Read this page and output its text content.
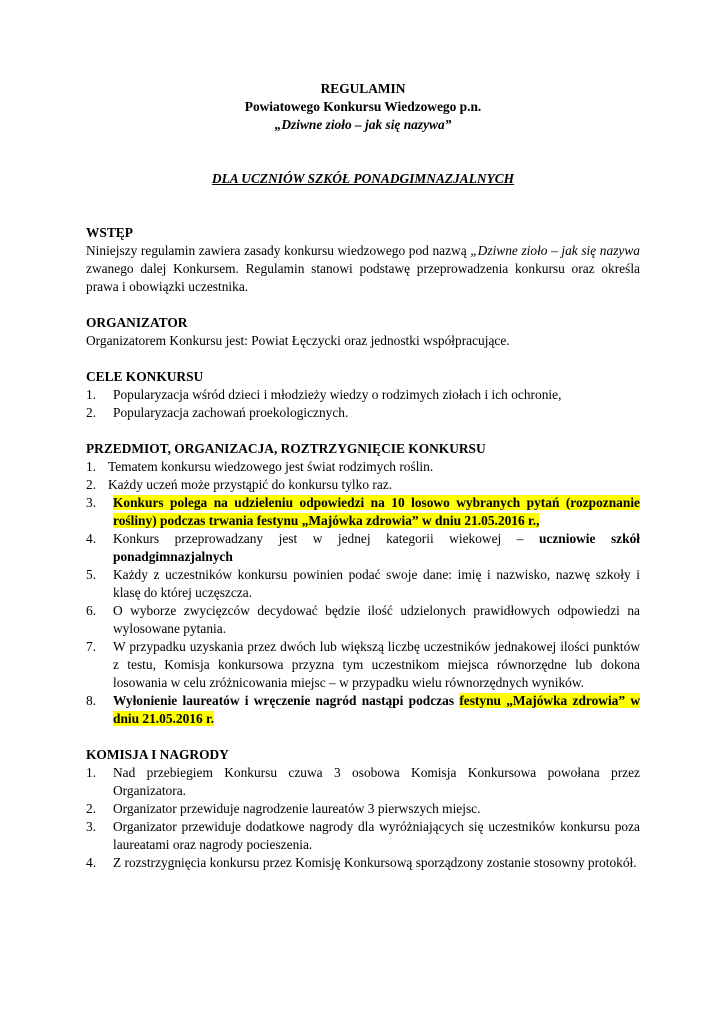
REGULAMIN

Powiatowego Konkursu Wiedzowego p.n.

„Dziwne zioło – jak się nazywa”

DLA UCZNIÓW SZKÓŁ PONADGIMNAZJALNYCH

WSTĘP

Niniejszy regulamin zawiera zasady konkursu wiedzowego pod nazwą „Dziwne zioło – jak się nazywa zwanego dalej Konkursem. Regulamin stanowi podstawę przeprowadzenia konkursu oraz określa prawa i obowiązki uczestnika.

ORGANIZATOR

Organizatorem Konkursu jest: Powiat Łęczycki oraz jednostki współpracujące.

CELE KONKURSU
1. Popularyzacja wśród dzieci i młodzieży wiedzy o rodzimych ziołach i ich ochronie,
2. Popularyzacja zachowań proekologicznych.
PRZEDMIOT, ORGANIZACJA, ROZTRZYGNIĘCIE KONKURSU
1. Tematem konkursu wiedzowego jest świat rodzimych roślin.
2. Każdy uczeń może przystąpić do konkursu tylko raz.
3. Konkurs polega na udzieleniu odpowiedzi na 10 losowo wybranych pytań (rozpoznanie rośliny) podczas trwania festynu „Majówka zdrowia” w dniu 21.05.2016 r.,
4. Konkurs przeprowadzany jest w jednej kategorii wiekowej – uczniowie szkół ponadgimnazjalnych
5. Każdy z uczestników konkursu powinien podać swoje dane: imię i nazwisko, nazwę szkoły i klasę do której uczęszcza.
6. O wyborze zwycięzców decydować będzie ilość udzielonych prawidłowych odpowiedzi na wylosowane pytania.
7. W przypadku uzyskania przez dwóch lub większą liczbę uczestników jednakowej ilości punktów z testu, Komisja konkursowa przyzna tym uczestnikom miejsca równorzędne lub dokona losowania w celu zróżnicowania miejsc – w przypadku wielu równorzędnych wyników.
8. Wyłonienie laureatów i wręczenie nagród nastąpi podczas festynu „Majówka zdrowia” w dniu 21.05.2016 r.
KOMISJA I NAGRODY
1. Nad przebiegiem Konkursu czuwa 3 osobowa Komisja Konkursowa powołana przez Organizatora.
2. Organizator przewiduje nagrodzenie laureatów 3 pierwszych miejsc.
3. Organizator przewiduje dodatkowe nagrody dla wyróżniających się uczestników konkursu poza laureatami oraz nagrody pocieszenia.
4. Z rozstrzygnięcia konkursu przez Komisję Konkursową sporządzony zostanie stosowny protokół.
